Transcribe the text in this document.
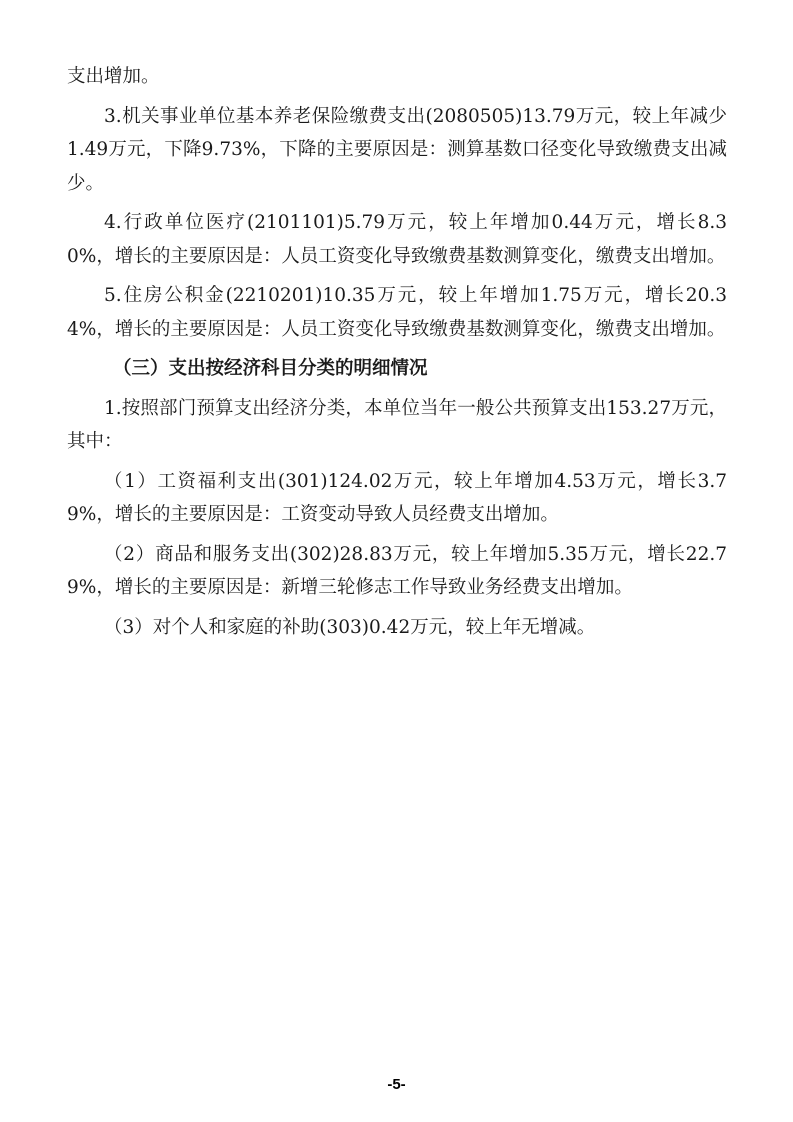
支出增加。

3.机关事业单位基本养老保险缴费支出(2080505)13.79万元，较上年减少1.49万元，下降9.73%，下降的主要原因是：测算基数口径变化导致缴费支出减少。

4.行政单位医疗(2101101)5.79万元，较上年增加0.44万元，增长8.30%，增长的主要原因是：人员工资变化导致缴费基数测算变化，缴费支出增加。

5.住房公积金(2210201)10.35万元，较上年增加1.75万元，增长20.34%，增长的主要原因是：人员工资变化导致缴费基数测算变化，缴费支出增加。

（三）支出按经济科目分类的明细情况

1.按照部门预算支出经济分类，本单位当年一般公共预算支出153.27万元，其中：

（1）工资福利支出(301)124.02万元，较上年增加4.53万元，增长3.79%，增长的主要原因是：工资变动导致人员经费支出增加。

（2）商品和服务支出(302)28.83万元，较上年增加5.35万元，增长22.79%，增长的主要原因是：新增三轮修志工作导致业务经费支出增加。

（3）对个人和家庭的补助(303)0.42万元，较上年无增减。

-5-
